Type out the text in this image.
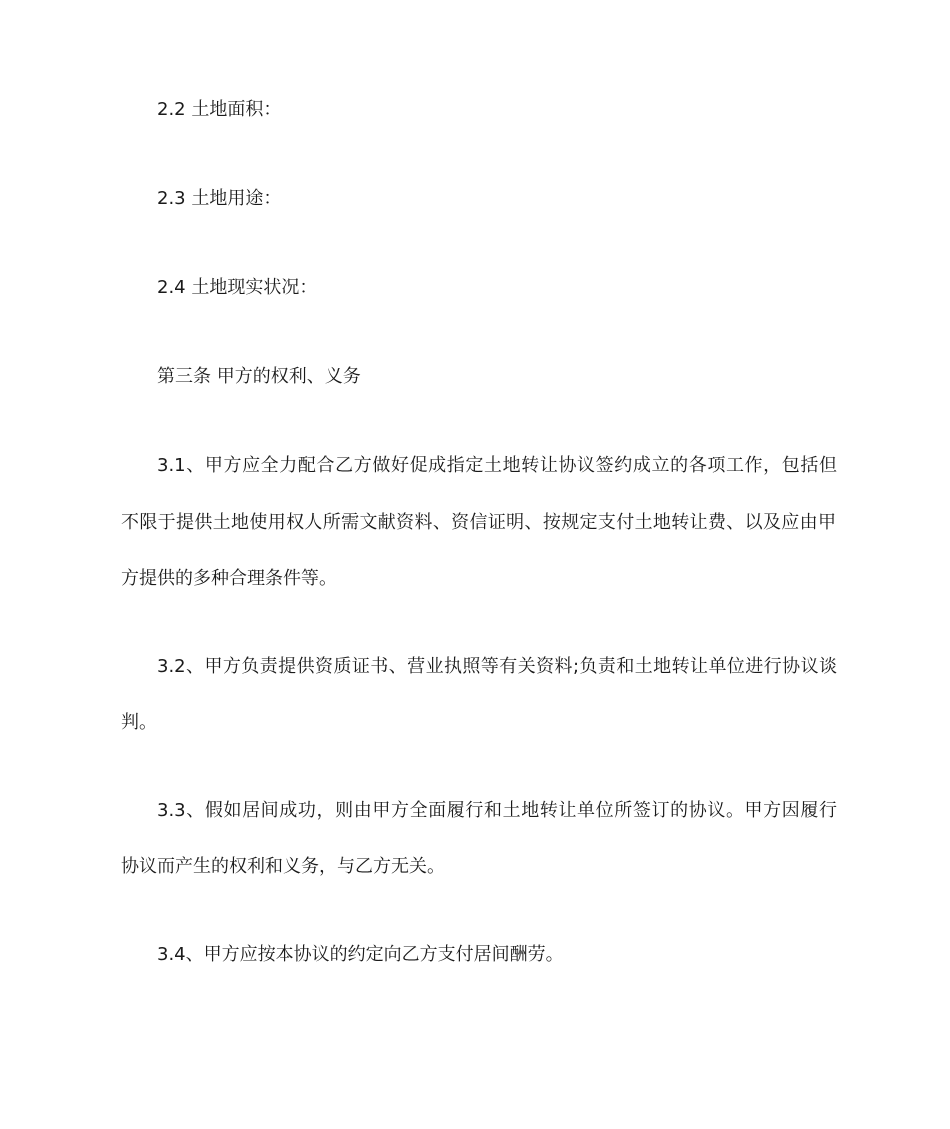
2.2 土地面积：
2.3 土地用途：
2.4 土地现实状况：
第三条 甲方的权利、义务
3.1、甲方应全力配合乙方做好促成指定土地转让协议签约成立的各项工作，包括但
不限于提供土地使用权人所需文献资料、资信证明、按规定支付土地转让费、以及应由甲
方提供的多种合理条件等。
3.2、甲方负责提供资质证书、营业执照等有关资料;负责和土地转让单位进行协议谈
判。
3.3、假如居间成功，则由甲方全面履行和土地转让单位所签订的协议。甲方因履行
协议而产生的权利和义务，与乙方无关。
3.4、甲方应按本协议的约定向乙方支付居间酬劳。
